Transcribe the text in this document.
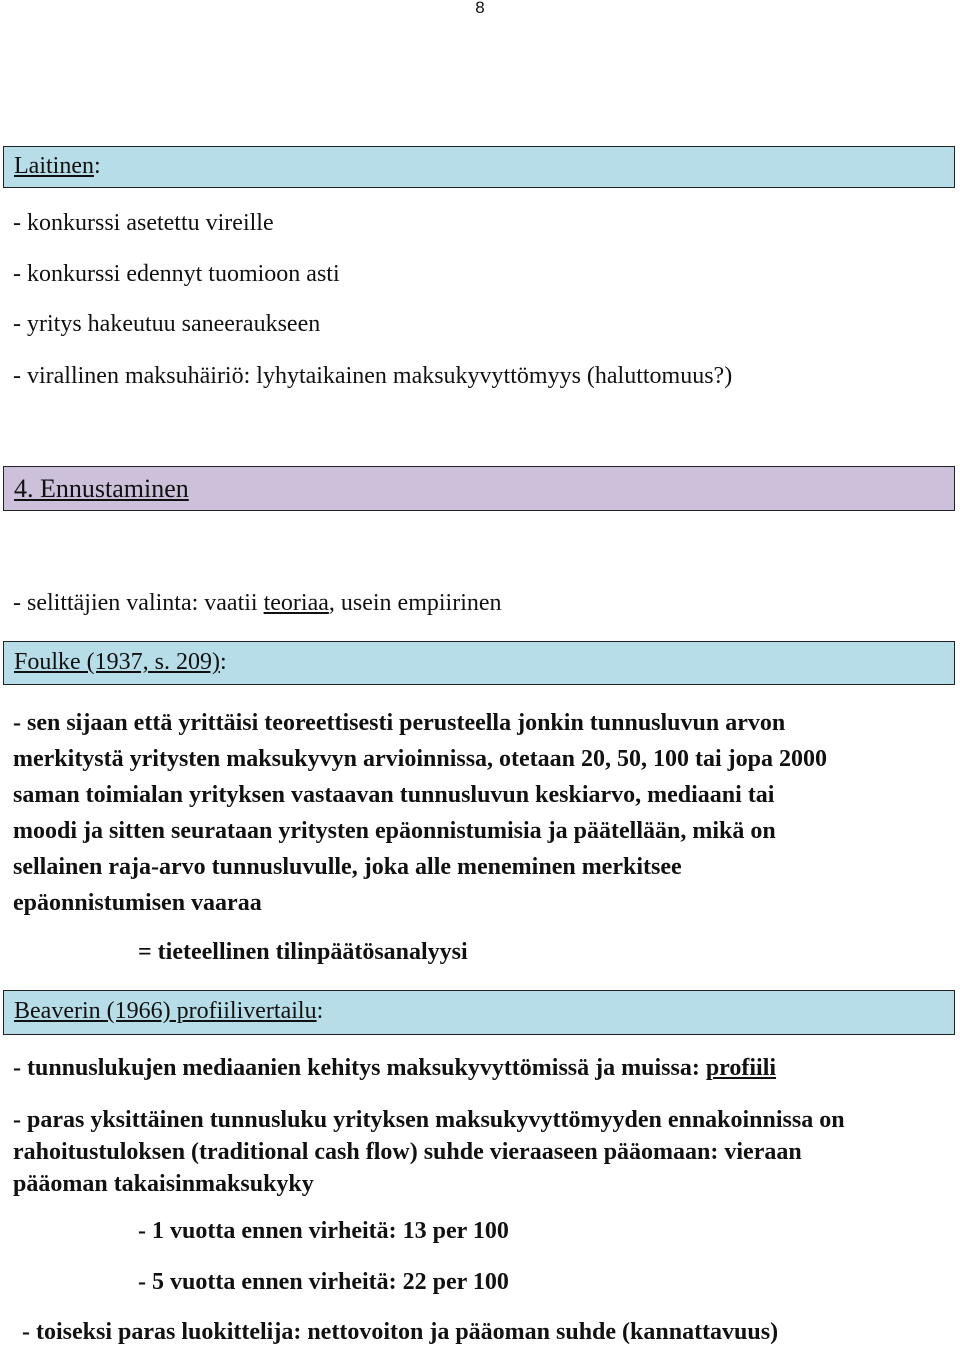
8
Laitinen:
- konkurssi asetettu vireille
- konkurssi edennyt tuomioon asti
- yritys hakeutuu saneeraukseen
- virallinen maksuhäiriö: lyhytaikainen maksukyvyttömyys (haluttomuus?)
4. Ennustaminen
- selittäjien valinta: vaatii teoriaa, usein empiirinen
Foulke (1937, s. 209):
- sen sijaan että yrittäisi teoreettisesti perusteella jonkin tunnusluvun arvon
merkitystä yritysten maksukyvyn arvioinnissa, otetaan 20, 50, 100 tai jopa 2000
saman toimialan yrityksen vastaavan tunnusluvun keskiarvo, mediaani tai
moodi ja sitten seurataan yritysten epäonnistumisia ja päätellään, mikä on
sellainen raja-arvo tunnusluvulle, joka alle meneminen merkitsee
epäonnistumisen vaaraa
= tieteellinen tilinpäätösanalyysi
Beaverin (1966) profiilivertailu:
- tunnuslukujen mediaanien kehitys maksukyvyttömissä ja muissa: profiili
- paras yksittäinen tunnusluku yrityksen maksukyvyttömyyden ennakoinnissa on
rahoitustuloksen (traditional cash flow) suhde vieraaseen pääomaan: vieraan
pääoman takaisinmaksukyky
- 1 vuotta ennen virheitä: 13 per 100
- 5 vuotta ennen virheitä: 22 per 100
- toiseksi paras luokittelija: nettovoiton ja pääoman suhde (kannattavuus)
